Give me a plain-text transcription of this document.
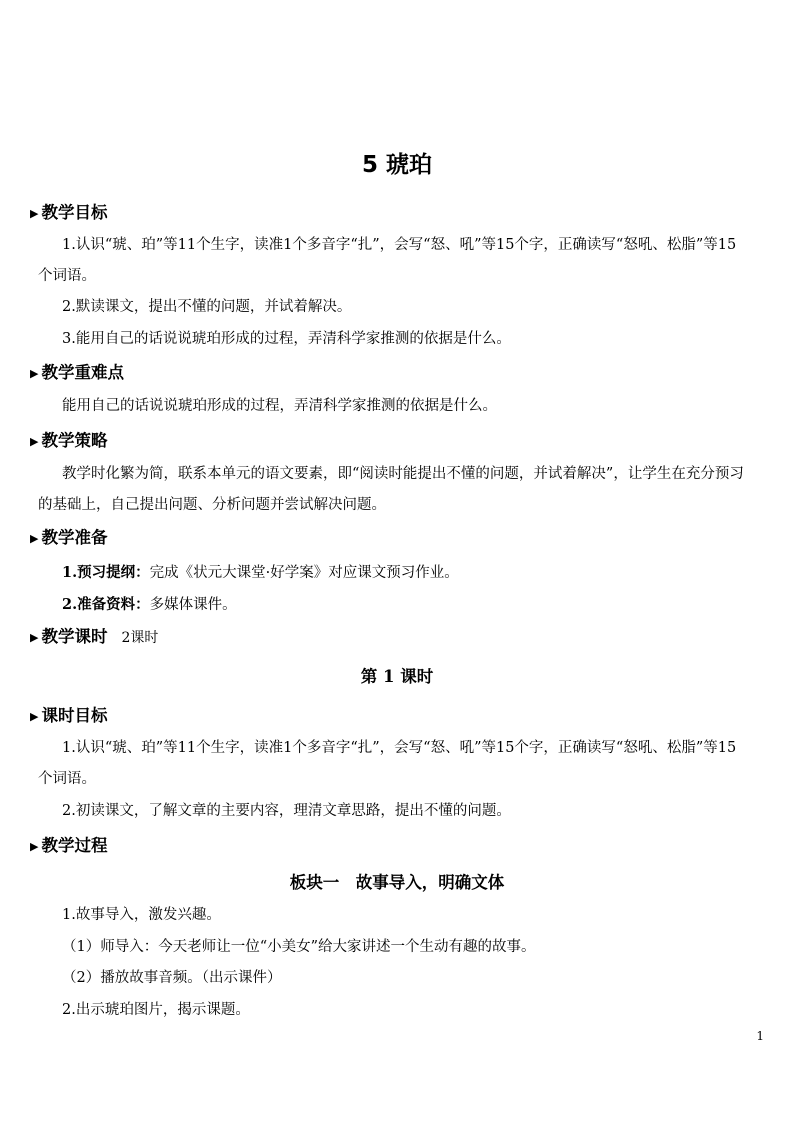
5 琥珀
▶ 教学目标
1.认识“琥、珀”等11个生字，读准1个多音字“扎”，会写“怒、吼”等15个字，正确读写“怒吼、松脂”等15个词语。
2.默读课文，提出不懂的问题，并试着解决。
3.能用自己的话说说琥珀形成的过程，弄清科学家推测的依据是什么。
▶ 教学重难点
能用自己的话说说琥珀形成的过程，弄清科学家推测的依据是什么。
▶ 教学策略
教学时化繁为简，联系本单元的语文要素，即“阅读时能提出不懂的问题，并试着解决”，让学生在充分预习的基础上，自己提出问题、分析问题并尝试解决问题。
▶ 教学准备
1.预习提纲：完成《状元大课堂·好学案》对应课文预习作业。
2.准备资料：多媒体课件。
▶ 教学课时 2课时
第 1 课时
▶ 课时目标
1.认识“琥、珀”等11个生字，读准1个多音字“扎”，会写“怒、吼”等15个字，正确读写“怒吼、松脂”等15个词语。
2.初读课文，了解文章的主要内容，理清文章思路，提出不懂的问题。
▶ 教学过程
板块一　故事导入，明确文体
1.故事导入，激发兴趣。
（1）师导入：今天老师让一位“小美女”给大家讲述一个生动有趣的故事。
（2）播放故事音频。（出示课件）
2.出示琥珀图片，揭示课题。
1
